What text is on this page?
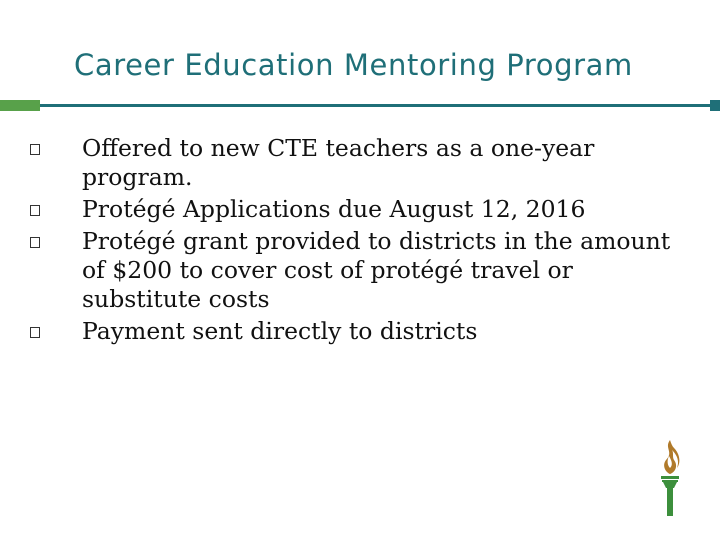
Career Education Mentoring Program
Offered to new CTE teachers as a one-year program.
Protégé Applications due August 12, 2016
Protégé grant provided to districts in the amount of $200 to cover cost of protégé travel or substitute costs
Payment sent directly to districts
